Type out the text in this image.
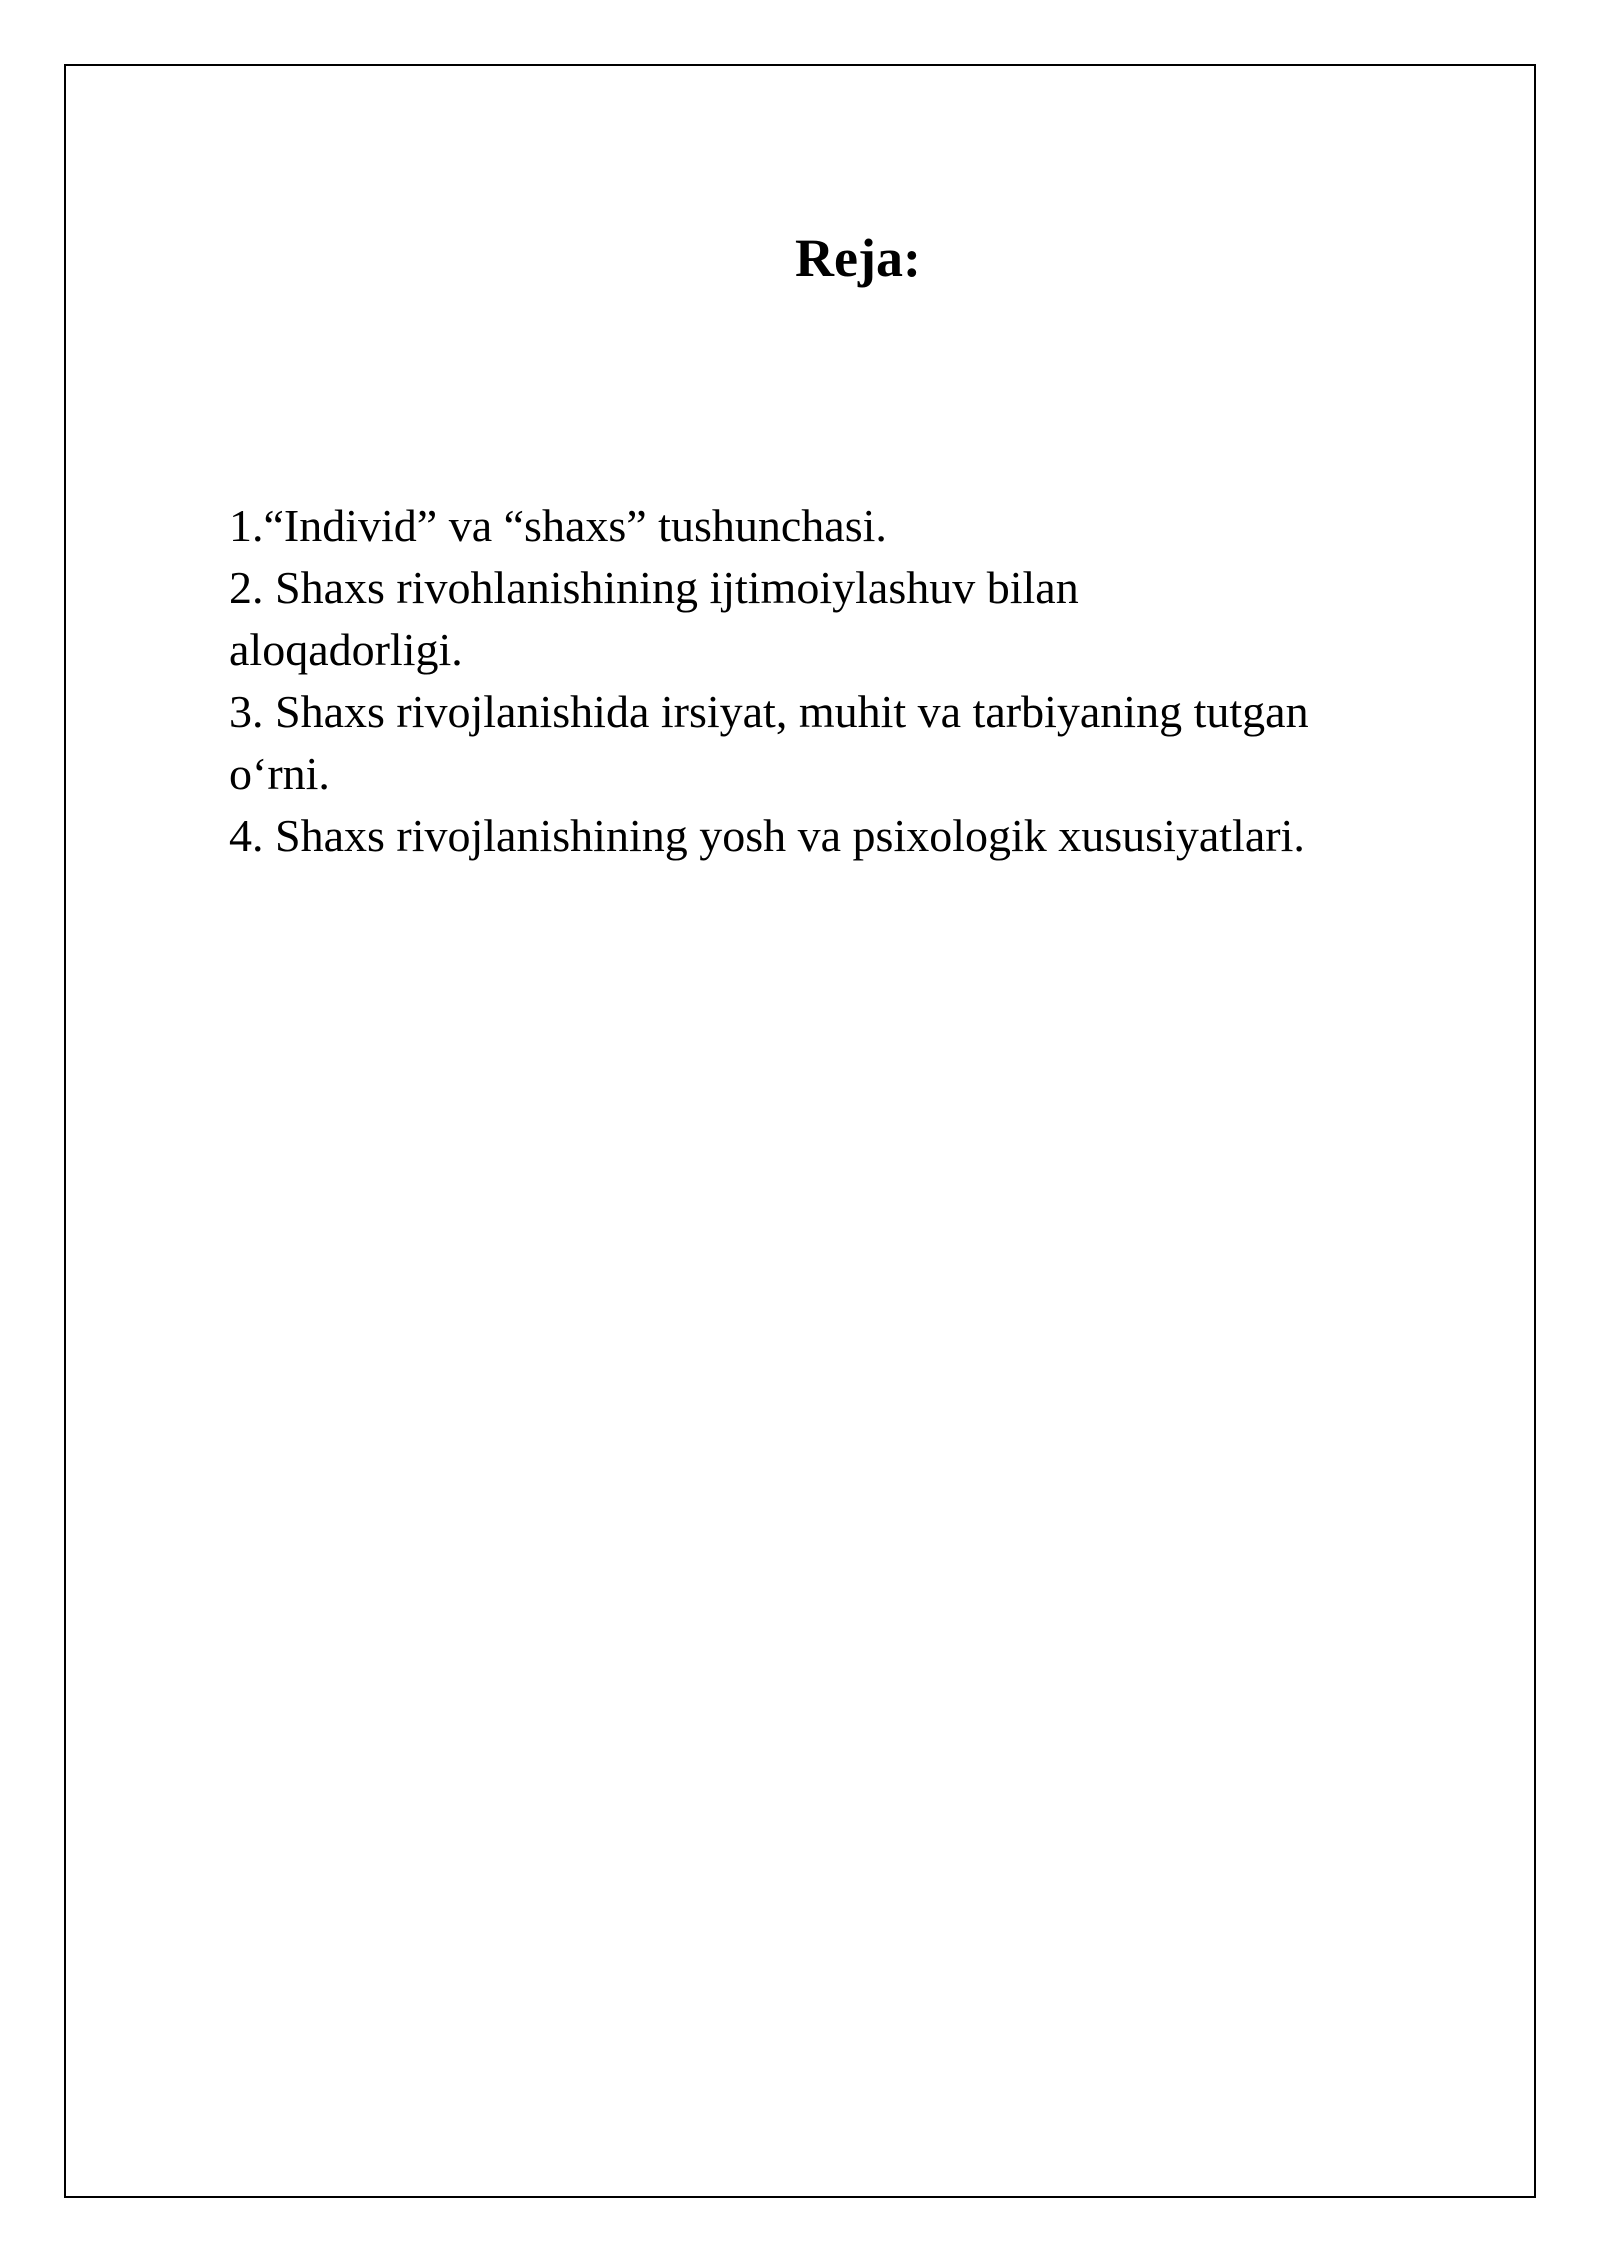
Reja:
1.“Individ” va “shaxs” tushunchasi.
2. Shaxs rivohlanishining ijtimoiylashuv bilan aloqadorligi.
3. Shaxs rivojlanishida irsiyat, muhit va tarbiyaning tutgan o‘rni.
4. Shaxs rivojlanishining yosh va psixologik xususiyatlari.
